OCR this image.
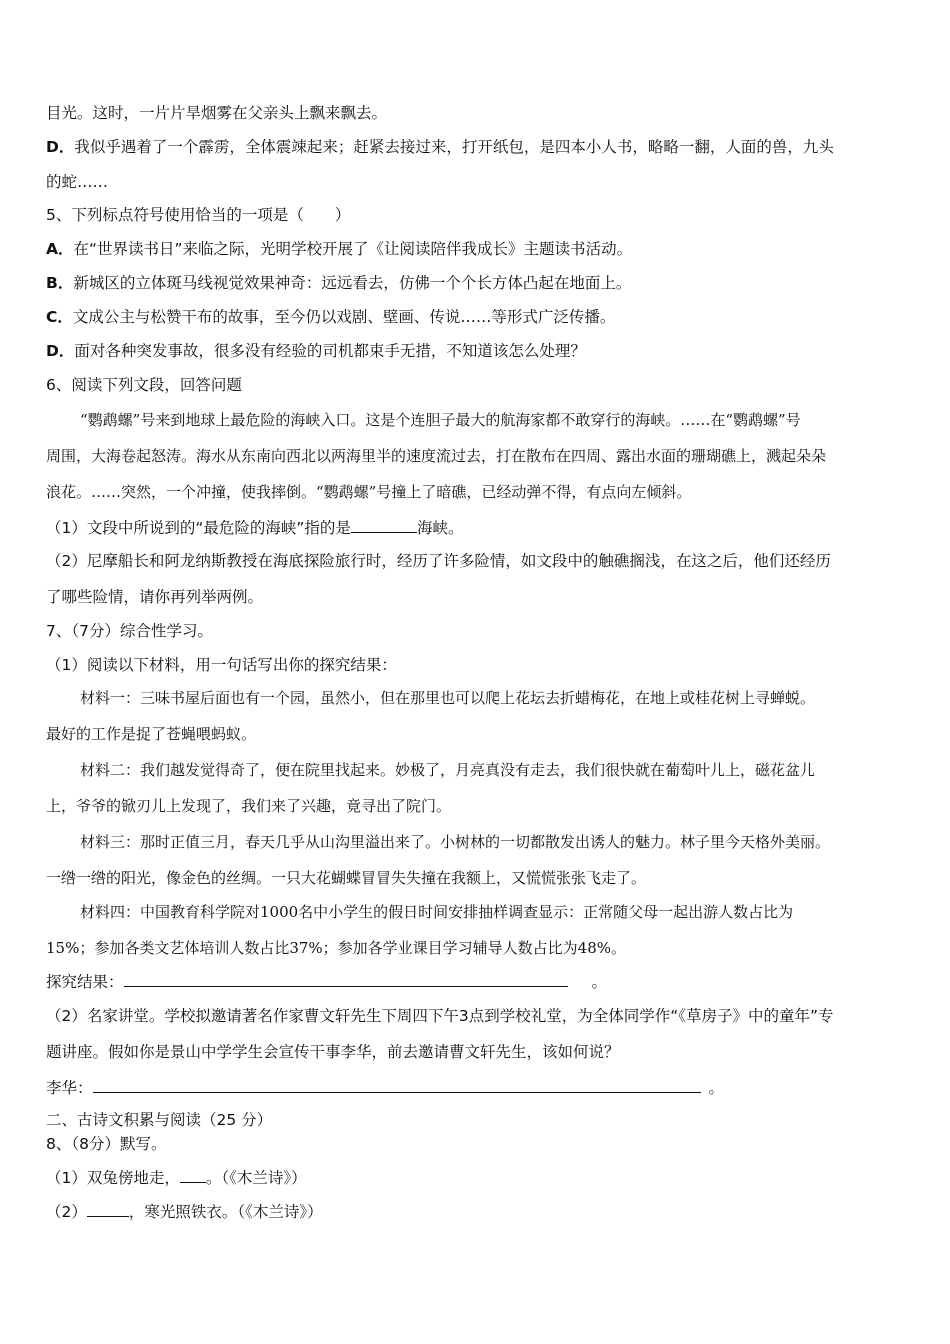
目光。这时，一片片旱烟雾在父亲头上飘来飘去。
D．我似乎遇着了一个霹雳，全体震竦起来；赶紧去接过来，打开纸包，是四本小人书，略略一翻，人面的兽，九头
的蛇……
5、下列标点符号使用恰当的一项是（　　）
A．在“世界读书日”来临之际，光明学校开展了《让阅读陪伴我成长》主题读书活动。
B．新城区的立体斑马线视觉效果神奇：远远看去，仿佛一个个长方体凸起在地面上。
C．文成公主与松赞干布的故事，至今仍以戏剧、壁画、传说……等形式广泛传播。
D．面对各种突发事故，很多没有经验的司机都束手无措，不知道该怎么处理？
6、阅读下列文段，回答问题
“鹦鹉螺”号来到地球上最危险的海峡入口。这是个连胆子最大的航海家都不敢穿行的海峡。……在“鹦鹉螺”号
周围，大海卷起怒涛。海水从东南向西北以两海里半的速度流过去，打在散布在四周、露出水面的珊瑚礁上，溅起朵朵
浪花。……突然，一个冲撞，使我摔倒。“鹦鹉螺”号撞上了暗礁，已经动弹不得，有点向左倾斜。
（1）文段中所说到的“最危险的海峡”指的是	海峡。
（2）尼摩船长和阿龙纳斯教授在海底探险旅行时，经历了许多险情，如文段中的触礁搁浅，在这之后，他们还经历
了哪些险情，请你再列举两例。
7、（7分）综合性学习。
（1）阅读以下材料，用一句话写出你的探究结果：
材料一：三味书屋后面也有一个园，虽然小，但在那里也可以爬上花坛去折蜡梅花，在地上或桂花树上寻蝉蜕。
最好的工作是捉了苍蝇喂蚂蚁。
材料二：我们越发觉得奇了，便在院里找起来。妙极了，月亮真没有走去，我们很快就在葡萄叶儿上，磁花盆儿
上，爷爷的锨刃儿上发现了，我们来了兴趣，竟寻出了院门。
材料三：那时正值三月，春天几乎从山沟里溢出来了。小树林的一切都散发出诱人的魅力。林子里今天格外美丽。
一绺一绺的阳光，像金色的丝绸。一只大花蝴蝶冒冒失失撞在我额上，又慌慌张张飞走了。
材料四：中国教育科学院对1000名中小学生的假日时间安排抽样调查显示：正常随父母一起出游人数占比为
15%；参加各类文艺体培训人数占比37%；参加各学业课目学习辅导人数占比为48%。
探究结果：	。
（2）名家讲堂。学校拟邀请著名作家曹文轩先生下周四下午3点到学校礼堂，为全体同学作“《草房子》中的童年”专
题讲座。假如你是景山中学学生会宣传干事李华，前去邀请曹文轩先生，该如何说？
李华：	。
二、古诗文积累与阅读（25 分）
8、（8分）默写。
（1）双兔傍地走， 。（《木兰诗》）
（2）	，寒光照铁衣。（《木兰诗》）
